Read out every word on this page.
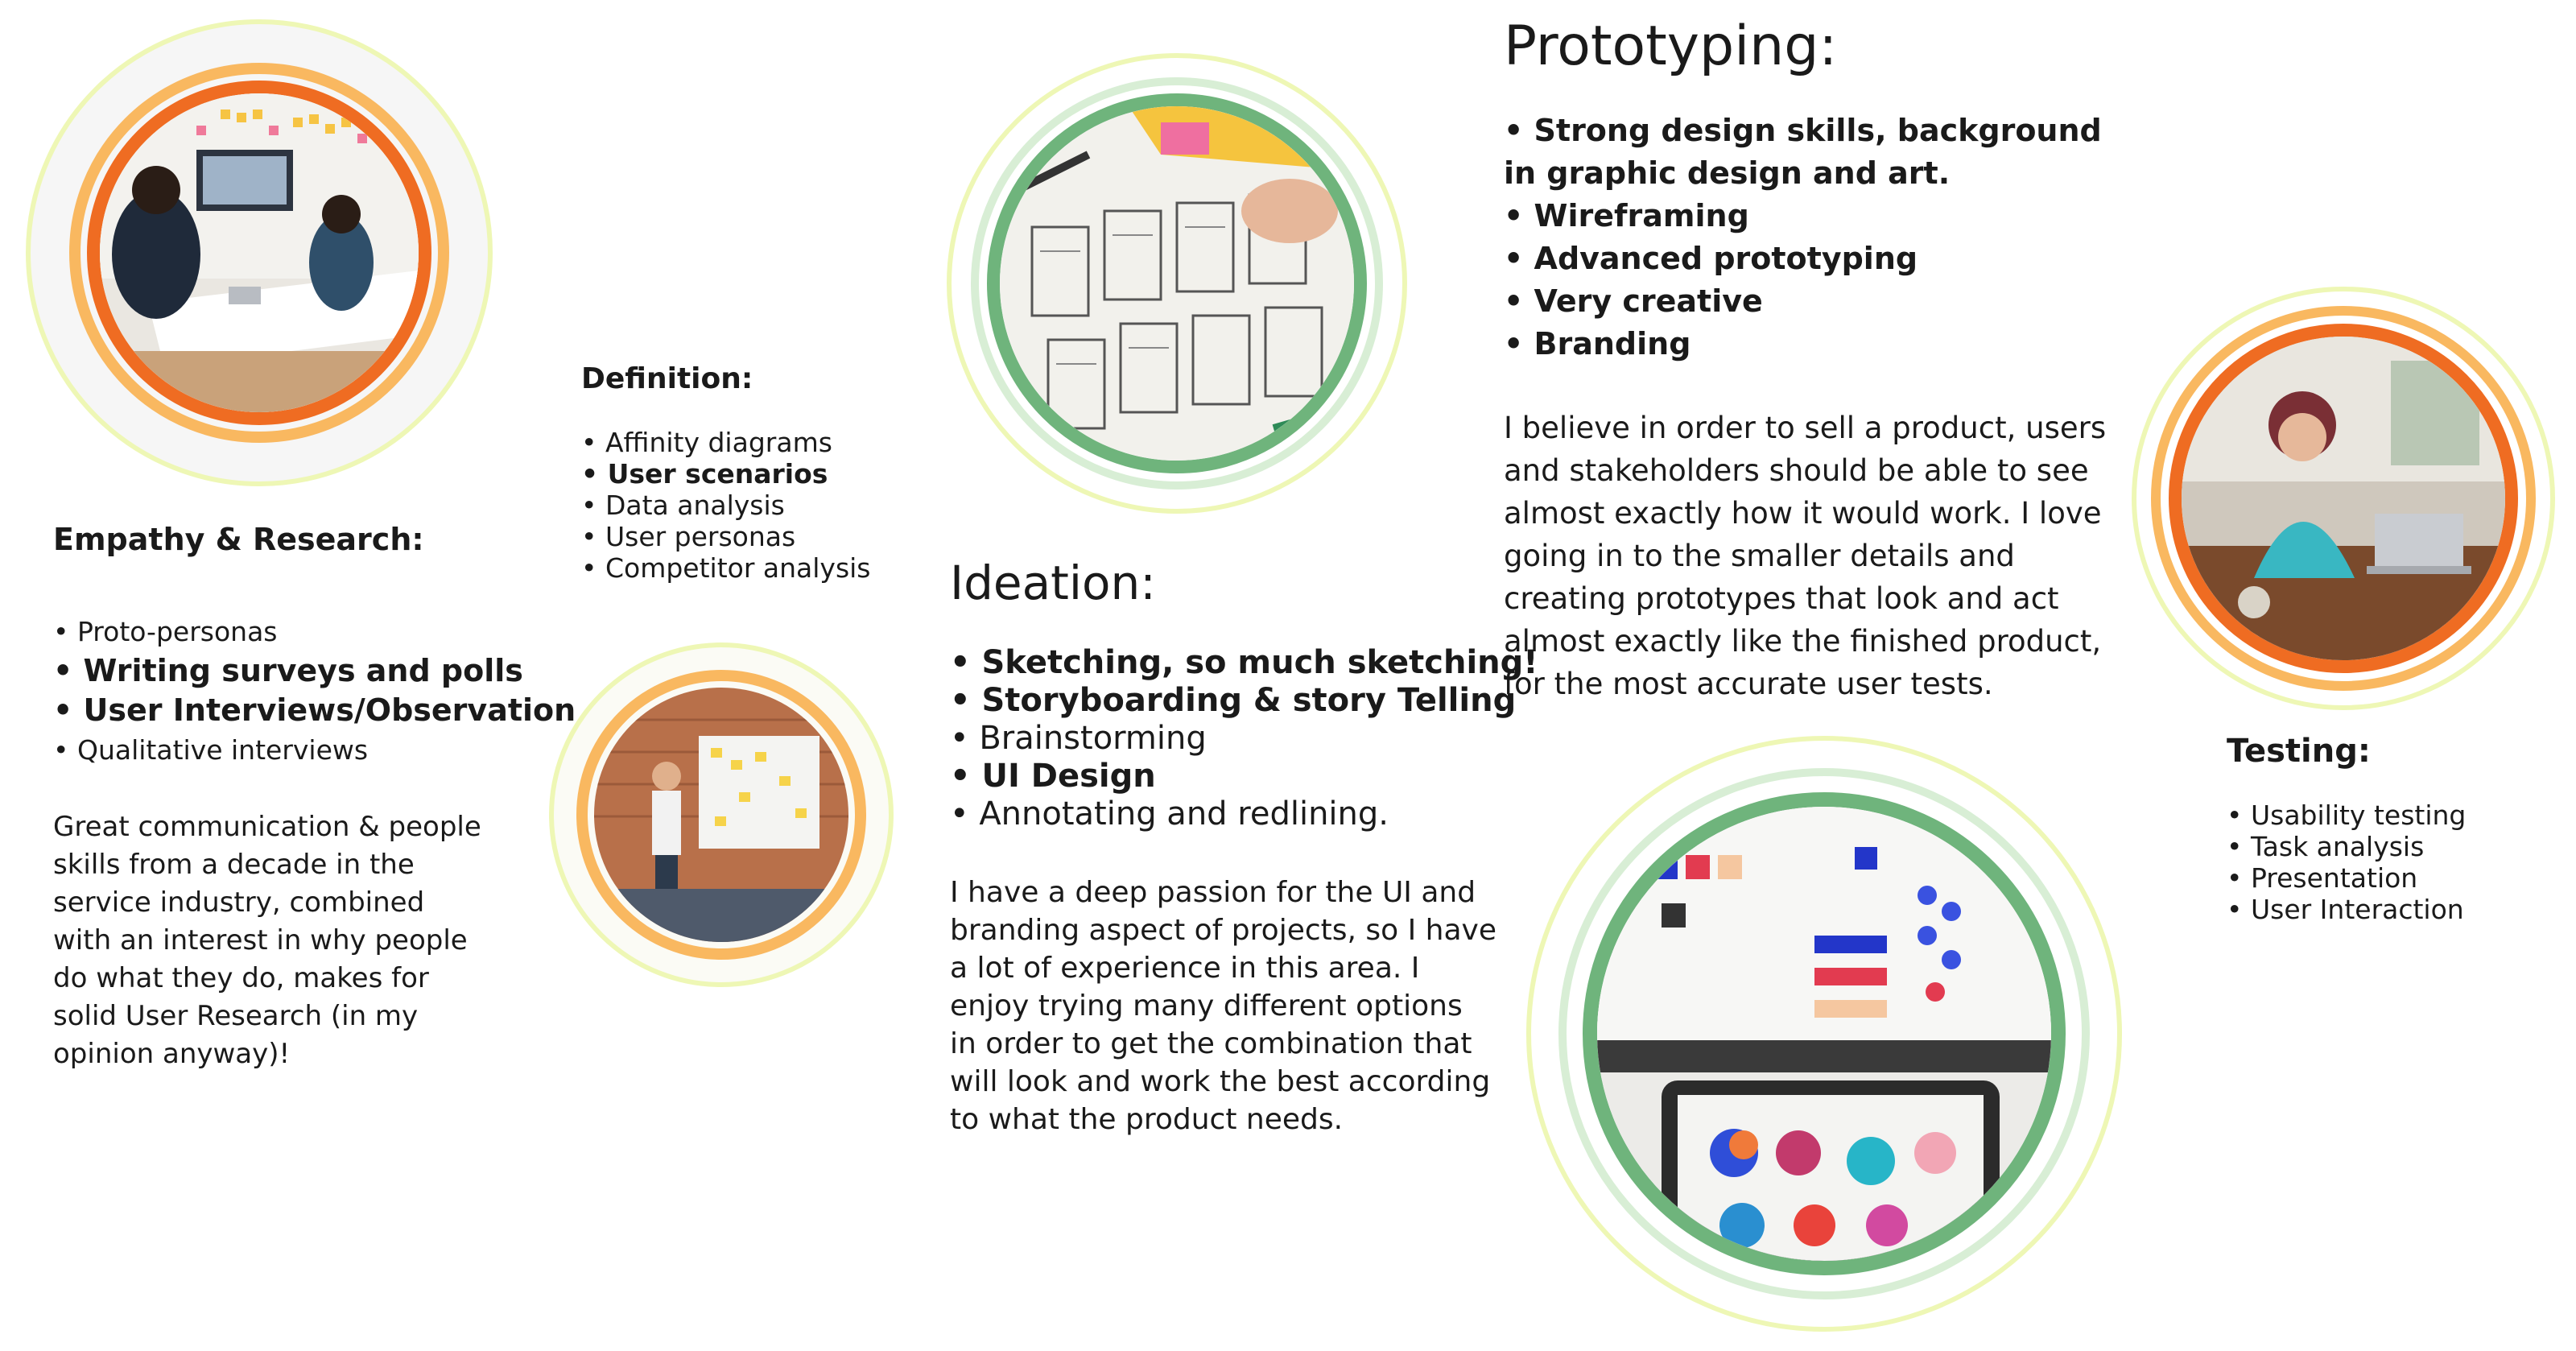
Empathy & Research:
• Proto-personas
• Writing surveys and polls
• User Interviews/Observation
• Qualitative interviews

Great communication & people skills from a decade in the service industry, combined with an interest in why people do what they do, makes for solid User Research (in my opinion anyway)!

Definition:
• Affinity diagrams
• User scenarios
• Data analysis
• User personas
• Competitor analysis Ideation:
• Sketching, so much sketching!
• Storyboarding & story Telling
• Brainstorming
• UI Design
• Annotating and redlining.

I have a deep passion for the UI and branding aspect of projects, so I have a lot of experience in this area. I enjoy trying many different options in order to get the combination that will look and work the best according to what the product needs.

Prototyping:
• Strong design skills, background in graphic design and art.
• Wireframing
• Advanced prototyping
• Very creative
• Branding

I believe in order to sell a product, users and stakeholders should be able to see almost exactly how it would work. I love going in to the smaller details and creating prototypes that look and act almost exactly like the finished product, for the most accurate user tests.

Testing:
• Usability testing
• Task analysis
• Presentation
• User Interaction
